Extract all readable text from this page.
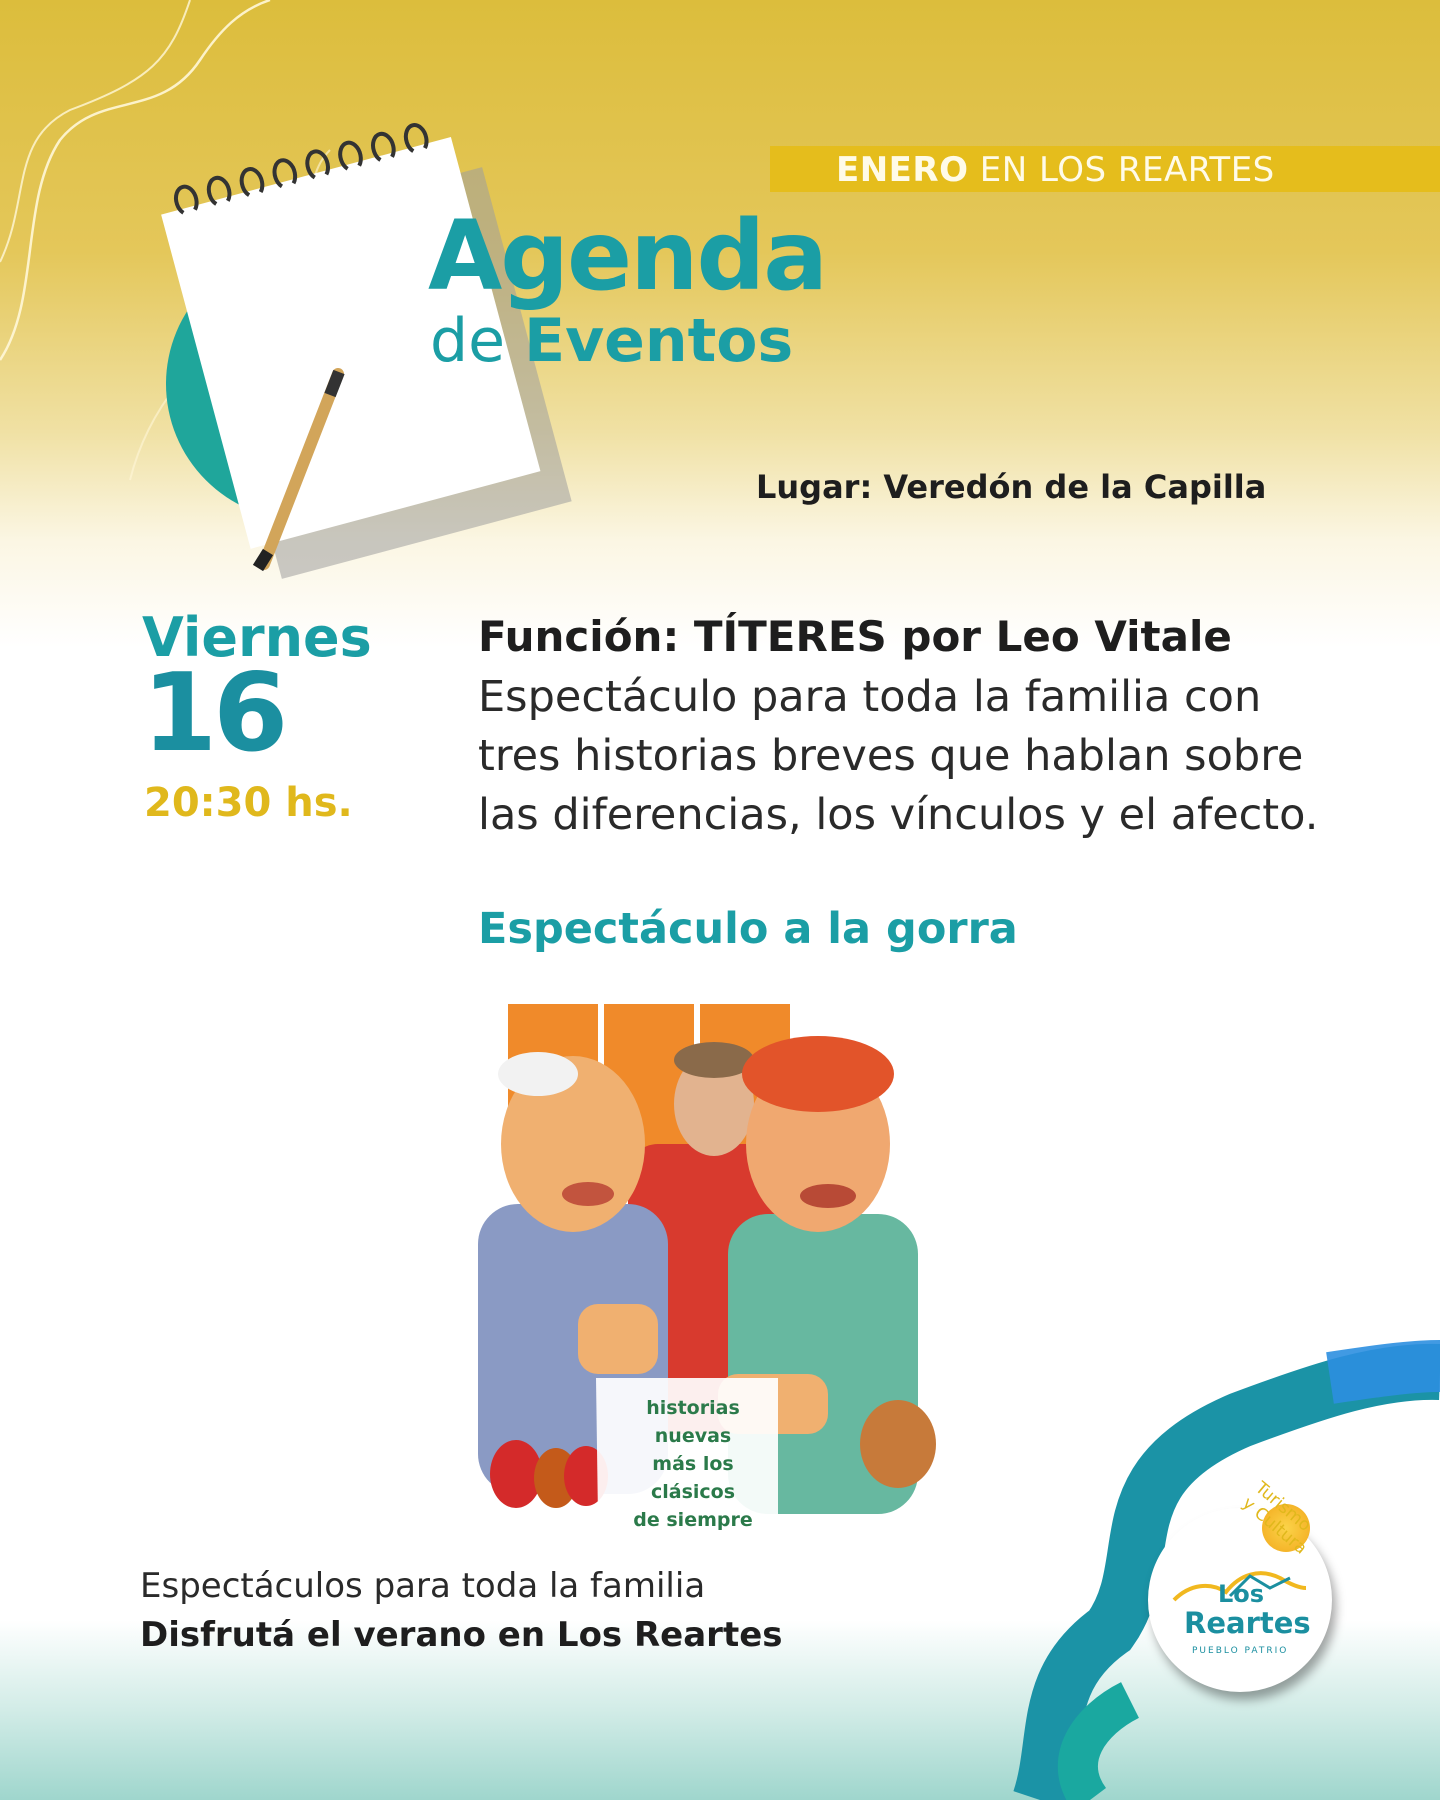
ENERO EN LOS REARTES
Agenda
de Eventos
Lugar: Veredón de la Capilla
Viernes
16
20:30 hs.
Función: TÍTERES por Leo Vitale
Espectáculo para toda la familia con tres historias breves que hablan sobre las diferencias, los vínculos y el afecto.
Espectáculo a la gorra
historias
nuevas
más los clásicos
de siempre
Espectáculos para toda la familia
Disfrutá el verano en Los Reartes
Turismo y Cultura
Los
Reartes
PUEBLO PATRIO
